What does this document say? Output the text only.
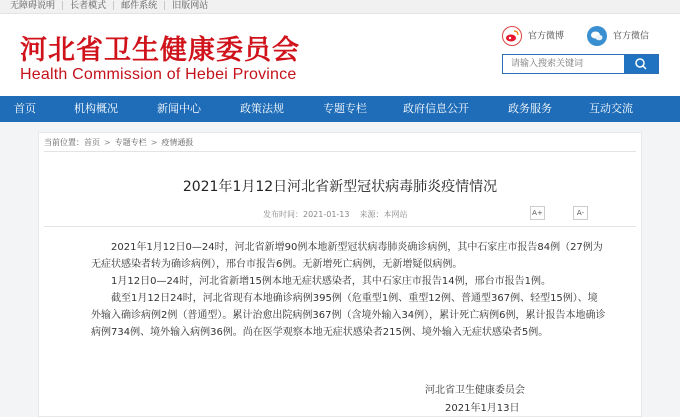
无障碍说明 | 长者模式 | 邮件系统 | 旧版网站
河北省卫生健康委员会
Health Commission of Hebei Province
官方微博	官方微信
请输入搜索关键词
首页	机构概况	新闻中心	政策法规	专题专栏	政府信息公开	政务服务	互动交流
当前位置：首页 > 专题专栏 > 疫情通报
2021年1月12日河北省新型冠状病毒肺炎疫情情况
发布时间：2021-01-13 来源：本网站	A+	A-
2021年1月12日0—24时，河北省新增90例本地新型冠状病毒肺炎确诊病例，其中石家庄市报告84例（27例为无症状感染者转为确诊病例），邢台市报告6例。无新增死亡病例，无新增疑似病例。
1月12日0—24时，河北省新增15例本地无症状感染者，其中石家庄市报告14例，邢台市报告1例。
截至1月12日24时，河北省现有本地确诊病例395例（危重型1例、重型12例、普通型367例、轻型15例）、境外输入确诊病例2例（普通型）。累计治愈出院病例367例（含境外输入34例），累计死亡病例6例，累计报告本地确诊病例734例、境外输入病例36例。尚在医学观察本地无症状感染者215例、境外输入无症状感染者5例。
河北省卫生健康委员会
2021年1月13日
